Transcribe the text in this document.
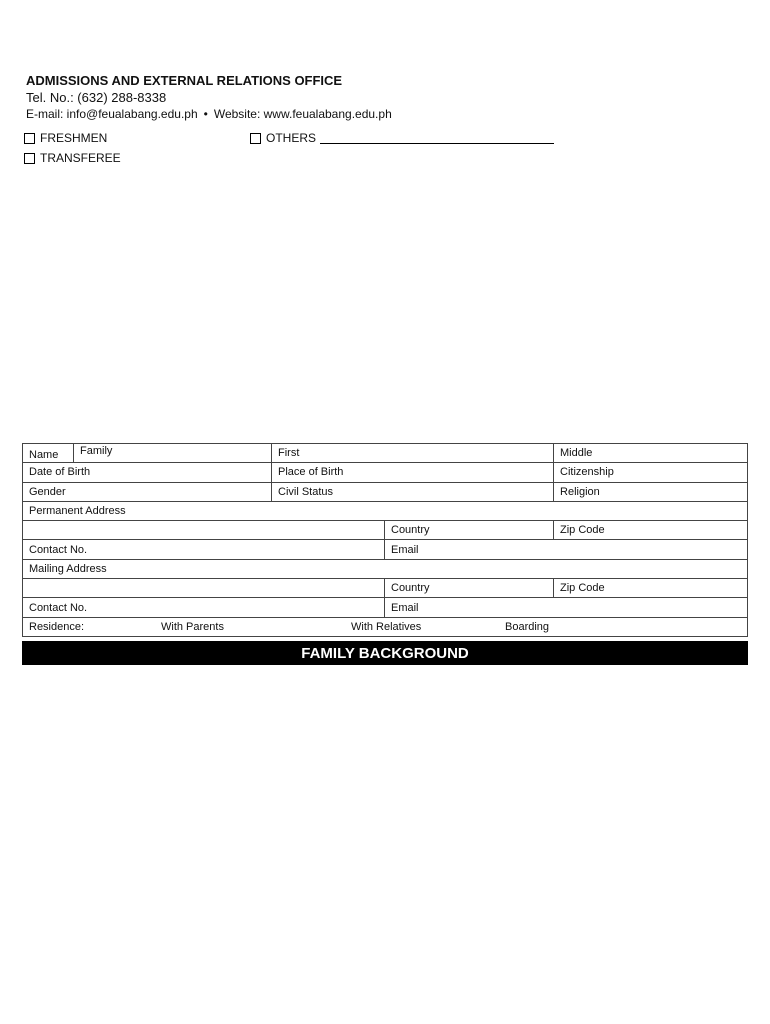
ADMISSIONS AND EXTERNAL RELATIONS OFFICE
Tel. No.: (632) 288-8338
E-mail: info@feualabang.edu.ph • Website: www.feualabang.edu.ph
FRESHMEN
TRANSFEREE
OTHERS
Name Family	First		Middle
Date of Birth	Place of Birth		Citizenship
Gender	Civil Status		Religion
Permanent Address			
		Country	Zip Code
Contact No.		Email	
Mailing Address			
		Country	Zip Code
Contact No.		Email	

Residence: With Parents With Relatives Boarding			
FAMILY BACKGROUND
